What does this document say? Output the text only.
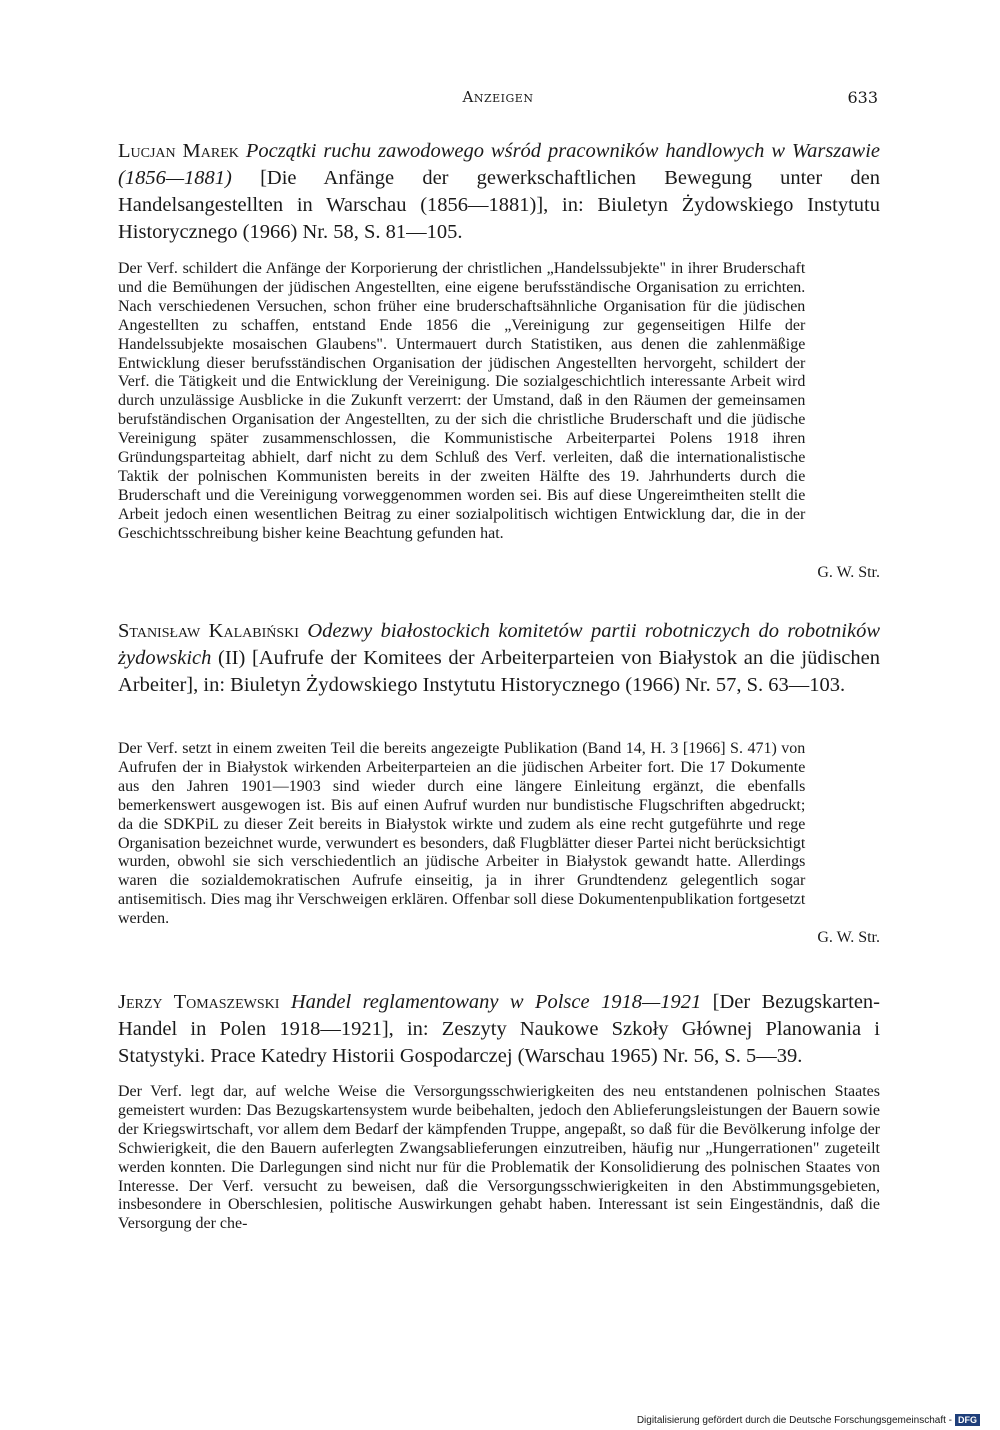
Anzeigen	633
Lucjan Marek Początki ruchu zawodowego wśród pracowników handlowych w Warszawie (1856—1881) [Die Anfänge der gewerkschaftlichen Bewegung unter den Handelsangestellten in Warschau (1856—1881)], in: Biuletyn Żydowskiego Instytutu Historycznego (1966) Nr. 58, S. 81—105.
G. W. Str.
Der Verf. schildert die Anfänge der Korporierung der christlichen „Handelssubjekte" in ihrer Bruderschaft und die Bemühungen der jüdischen Angestellten, eine eigene berufsständische Organisation zu errichten. Nach verschiedenen Versuchen, schon früher eine bruderschaftsähnliche Organisation für die jüdischen Angestellten zu schaffen, entstand Ende 1856 die „Vereinigung zur gegenseitigen Hilfe der Handelssubjekte mosaischen Glaubens". Untermauert durch Statistiken, aus denen die zahlenmäßige Entwicklung dieser berufsständischen Organisation der jüdischen Angestellten hervorgeht, schildert der Verf. die Tätigkeit und die Entwicklung der Vereinigung. Die sozialgeschichtlich interessante Arbeit wird durch unzulässige Ausblicke in die Zukunft verzerrt: der Umstand, daß in den Räumen der gemeinsamen berufständischen Organisation der Angestellten, zu der sich die christliche Bruderschaft und die jüdische Vereinigung später zusammenschlossen, die Kommunistische Arbeiterpartei Polens 1918 ihren Gründungsparteitag abhielt, darf nicht zu dem Schluß des Verf. verleiten, daß die internationalistische Taktik der polnischen Kommunisten bereits in der zweiten Hälfte des 19. Jahrhunderts durch die Bruderschaft und die Vereinigung vorweggenommen worden sei. Bis auf diese Ungereimtheiten stellt die Arbeit jedoch einen wesentlichen Beitrag zu einer sozialpolitisch wichtigen Entwicklung dar, die in der Geschichtsschreibung bisher keine Beachtung gefunden hat.
Stanisław Kalabiński Odezwy białostockich komitetów partii robotniczych do robotników żydowskich (II) [Aufrufe der Komitees der Arbeiterparteien von Białystok an die jüdischen Arbeiter], in: Biuletyn Żydowskiego Instytutu Historycznego (1966) Nr. 57, S. 63—103.
G. W. Str.
Der Verf. setzt in einem zweiten Teil die bereits angezeigte Publikation (Band 14, H. 3 [1966] S. 471) von Aufrufen der in Białystok wirkenden Arbeiterparteien an die jüdischen Arbeiter fort. Die 17 Dokumente aus den Jahren 1901—1903 sind wieder durch eine längere Einleitung ergänzt, die ebenfalls bemerkenswert ausgewogen ist. Bis auf einen Aufruf wurden nur bundistische Flugschriften abgedruckt; da die SDKPiL zu dieser Zeit bereits in Białystok wirkte und zudem als eine recht gutgeführte und rege Organisation bezeichnet wurde, verwundert es besonders, daß Flugblätter dieser Partei nicht berücksichtigt wurden, obwohl sie sich verschiedentlich an jüdische Arbeiter in Białystok gewandt hatte. Allerdings waren die sozialdemokratischen Aufrufe einseitig, ja in ihrer Grundtendenz gelegentlich sogar antisemitisch. Dies mag ihr Verschweigen erklären. Offenbar soll diese Dokumentenpublikation fortgesetzt werden.
Jerzy Tomaszewski Handel reglamentowany w Polsce 1918—1921 [Der Bezugskarten-Handel in Polen 1918—1921], in: Zeszyty Naukowe Szkoły Głównej Planowania i Statystyki. Prace Katedry Historii Gospodarczej (Warschau 1965) Nr. 56, S. 5—39.
Der Verf. legt dar, auf welche Weise die Versorgungsschwierigkeiten des neu entstandenen polnischen Staates gemeistert wurden: Das Bezugskartensystem wurde beibehalten, jedoch den Ablieferungsleistungen der Bauern sowie der Kriegswirtschaft, vor allem dem Bedarf der kämpfenden Truppe, angepaßt, so daß für die Bevölkerung infolge der Schwierigkeit, die den Bauern auferlegten Zwangsablieferungen einzutreiben, häufig nur „Hungerrationen" zugeteilt werden konnten. Die Darlegungen sind nicht nur für die Problematik der Konsolidierung des polnischen Staates von Interesse. Der Verf. versucht zu beweisen, daß die Versorgungsschwierigkeiten in den Abstimmungsgebieten, insbesondere in Oberschlesien, politische Auswirkungen gehabt haben. Interessant ist sein Eingeständnis, daß die Versorgung der che-
Digitalisierung gefördert durch die Deutsche Forschungsgemeinschaft - DFG
